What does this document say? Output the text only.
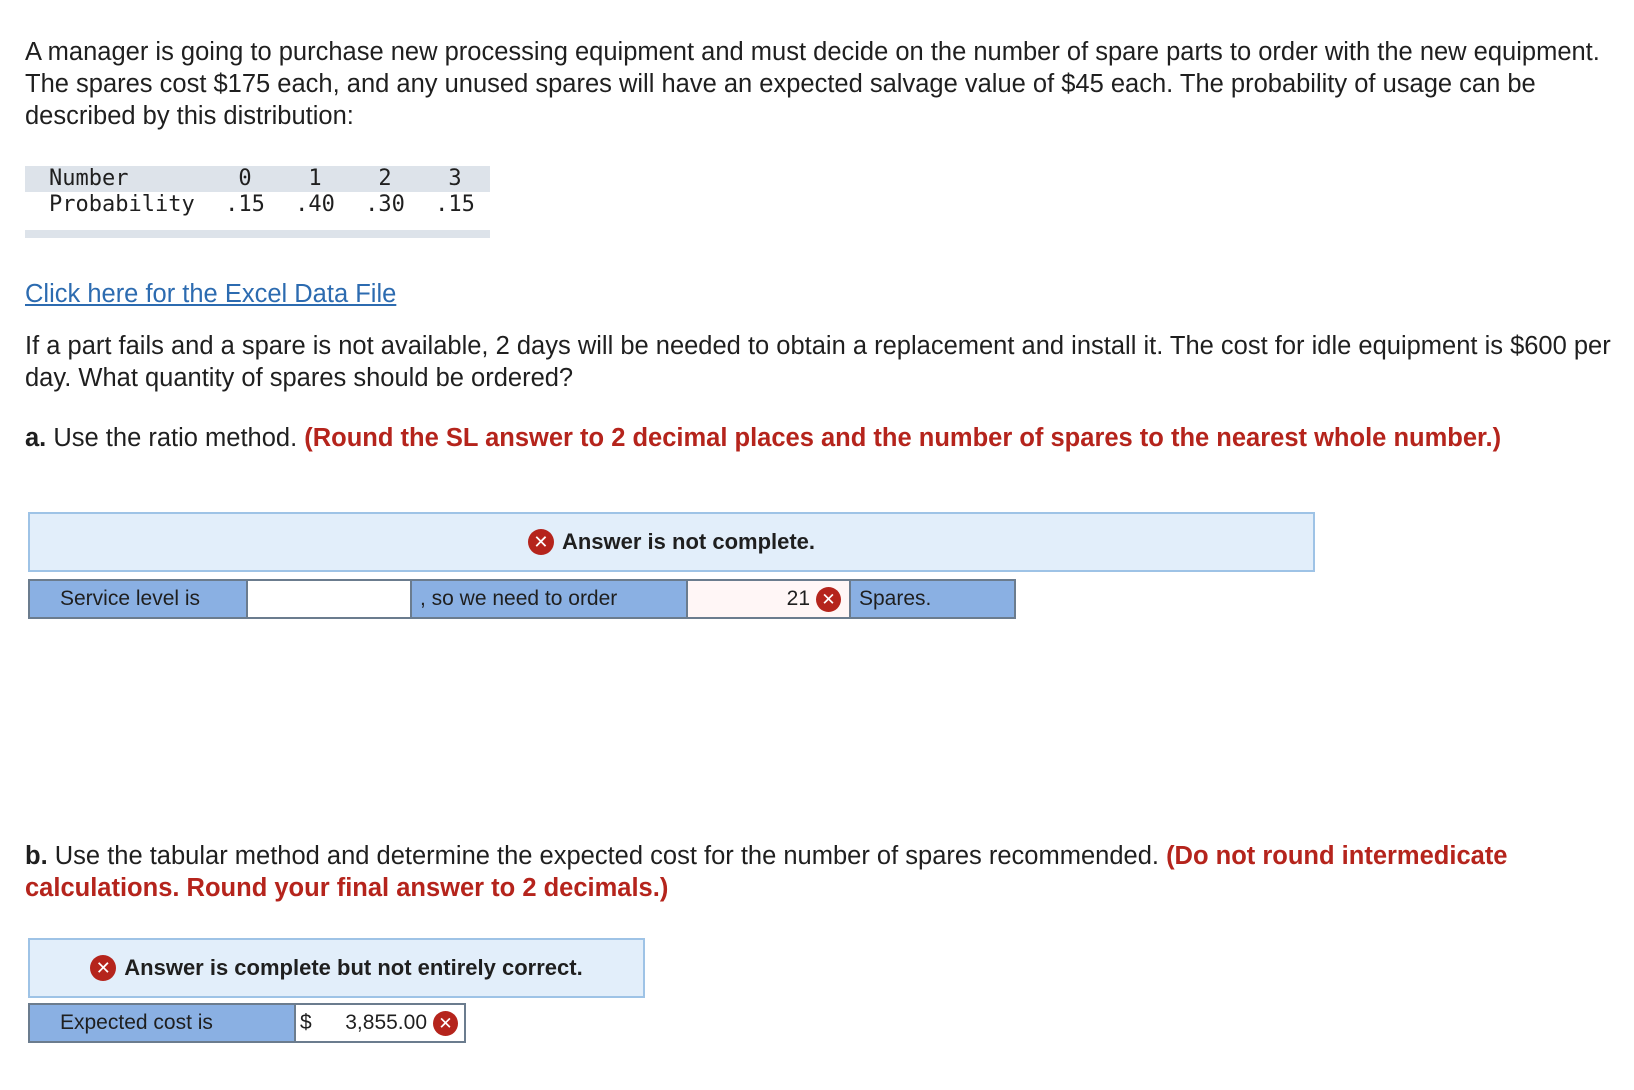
A manager is going to purchase new processing equipment and must decide on the number of spare parts to order with the new equipment. The spares cost $175 each, and any unused spares will have an expected salvage value of $45 each. The probability of usage can be described by this distribution:

Number	0	1	2	3
Probability	.15	.40	.30	.15
Click here for the Excel Data File

If a part fails and a spare is not available, 2 days will be needed to obtain a replacement and install it. The cost for idle equipment is $600 per day. What quantity of spares should be ordered?

a. Use the ratio method. (Round the SL answer to 2 decimal places and the number of spares to the nearest whole number.)

✕ Answer is not complete.
Service level is	, so we need to order	21 ✕	Spares.

b. Use the tabular method and determine the expected cost for the number of spares recommended. (Do not round intermedicate calculations. Round your final answer to 2 decimals.)

✕ Answer is complete but not entirely correct.
Expected cost is	$ 3,855.00 ✕
